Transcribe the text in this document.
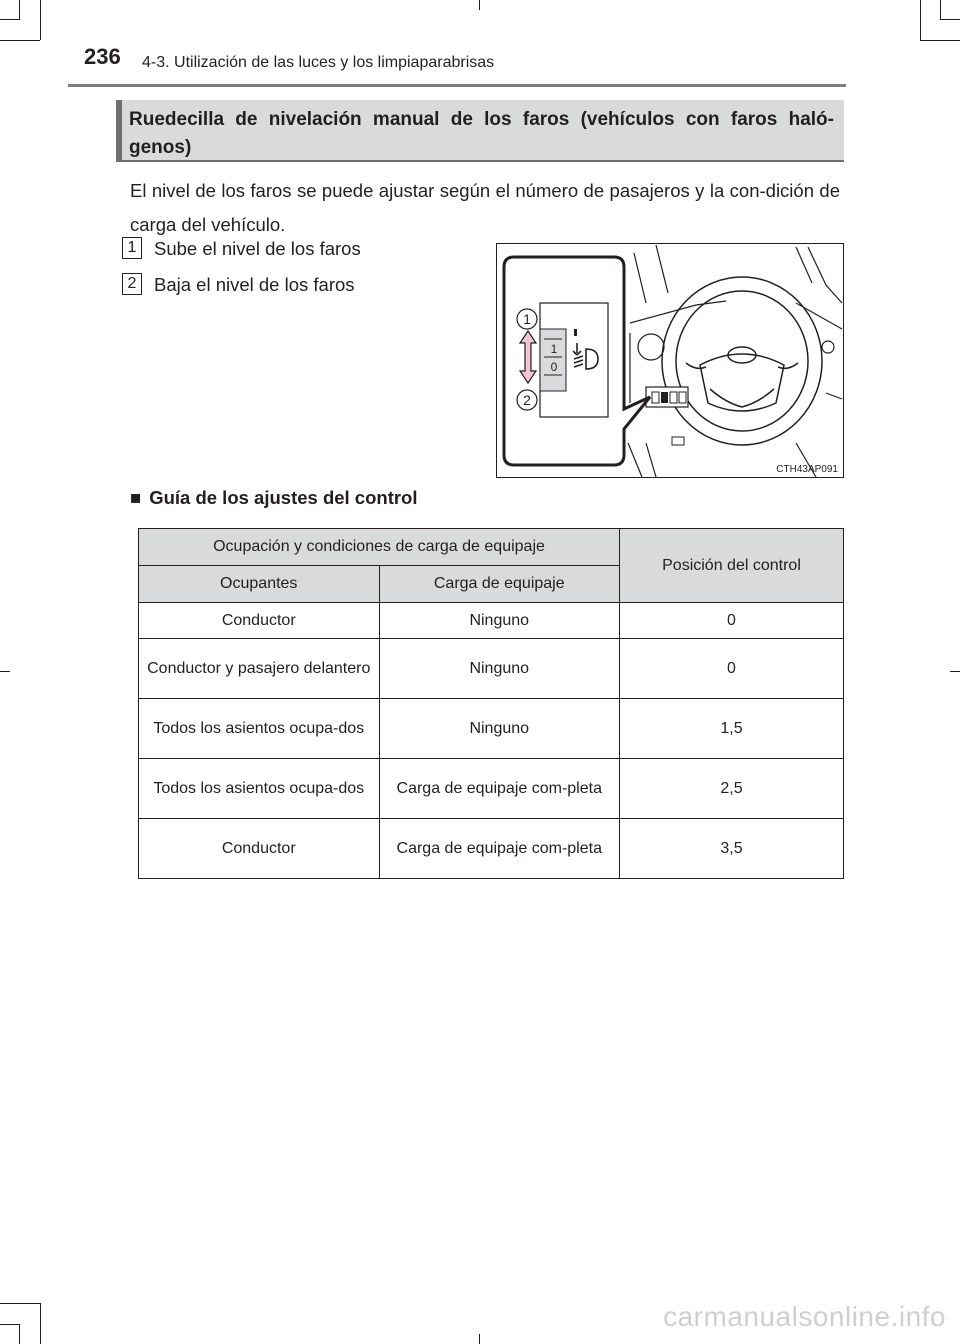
236 4-3. Utilización de las luces y los limpiaparabrisas
Ruedecilla de nivelación manual de los faros (vehículos con faros haló-genos)
El nivel de los faros se puede ajustar según el número de pasajeros y la con-dición de carga del vehículo.
1 Sube el nivel de los faros
2 Baja el nivel de los faros
1
0
1
2
CTH43AP091
■ Guía de los ajustes del control
Ocupación y condiciones de carga de equipaje		Posición del control
Ocupantes	Carga de equipaje	
Conductor	Ninguno	0
Conductor y pasajero delantero	Ninguno	0
Todos los asientos ocupa-dos	Ninguno	1,5
Todos los asientos ocupa-dos	Carga de equipaje com-pleta	2,5
Conductor	Carga de equipaje com-pleta	3,5
carmanualsonline.info
